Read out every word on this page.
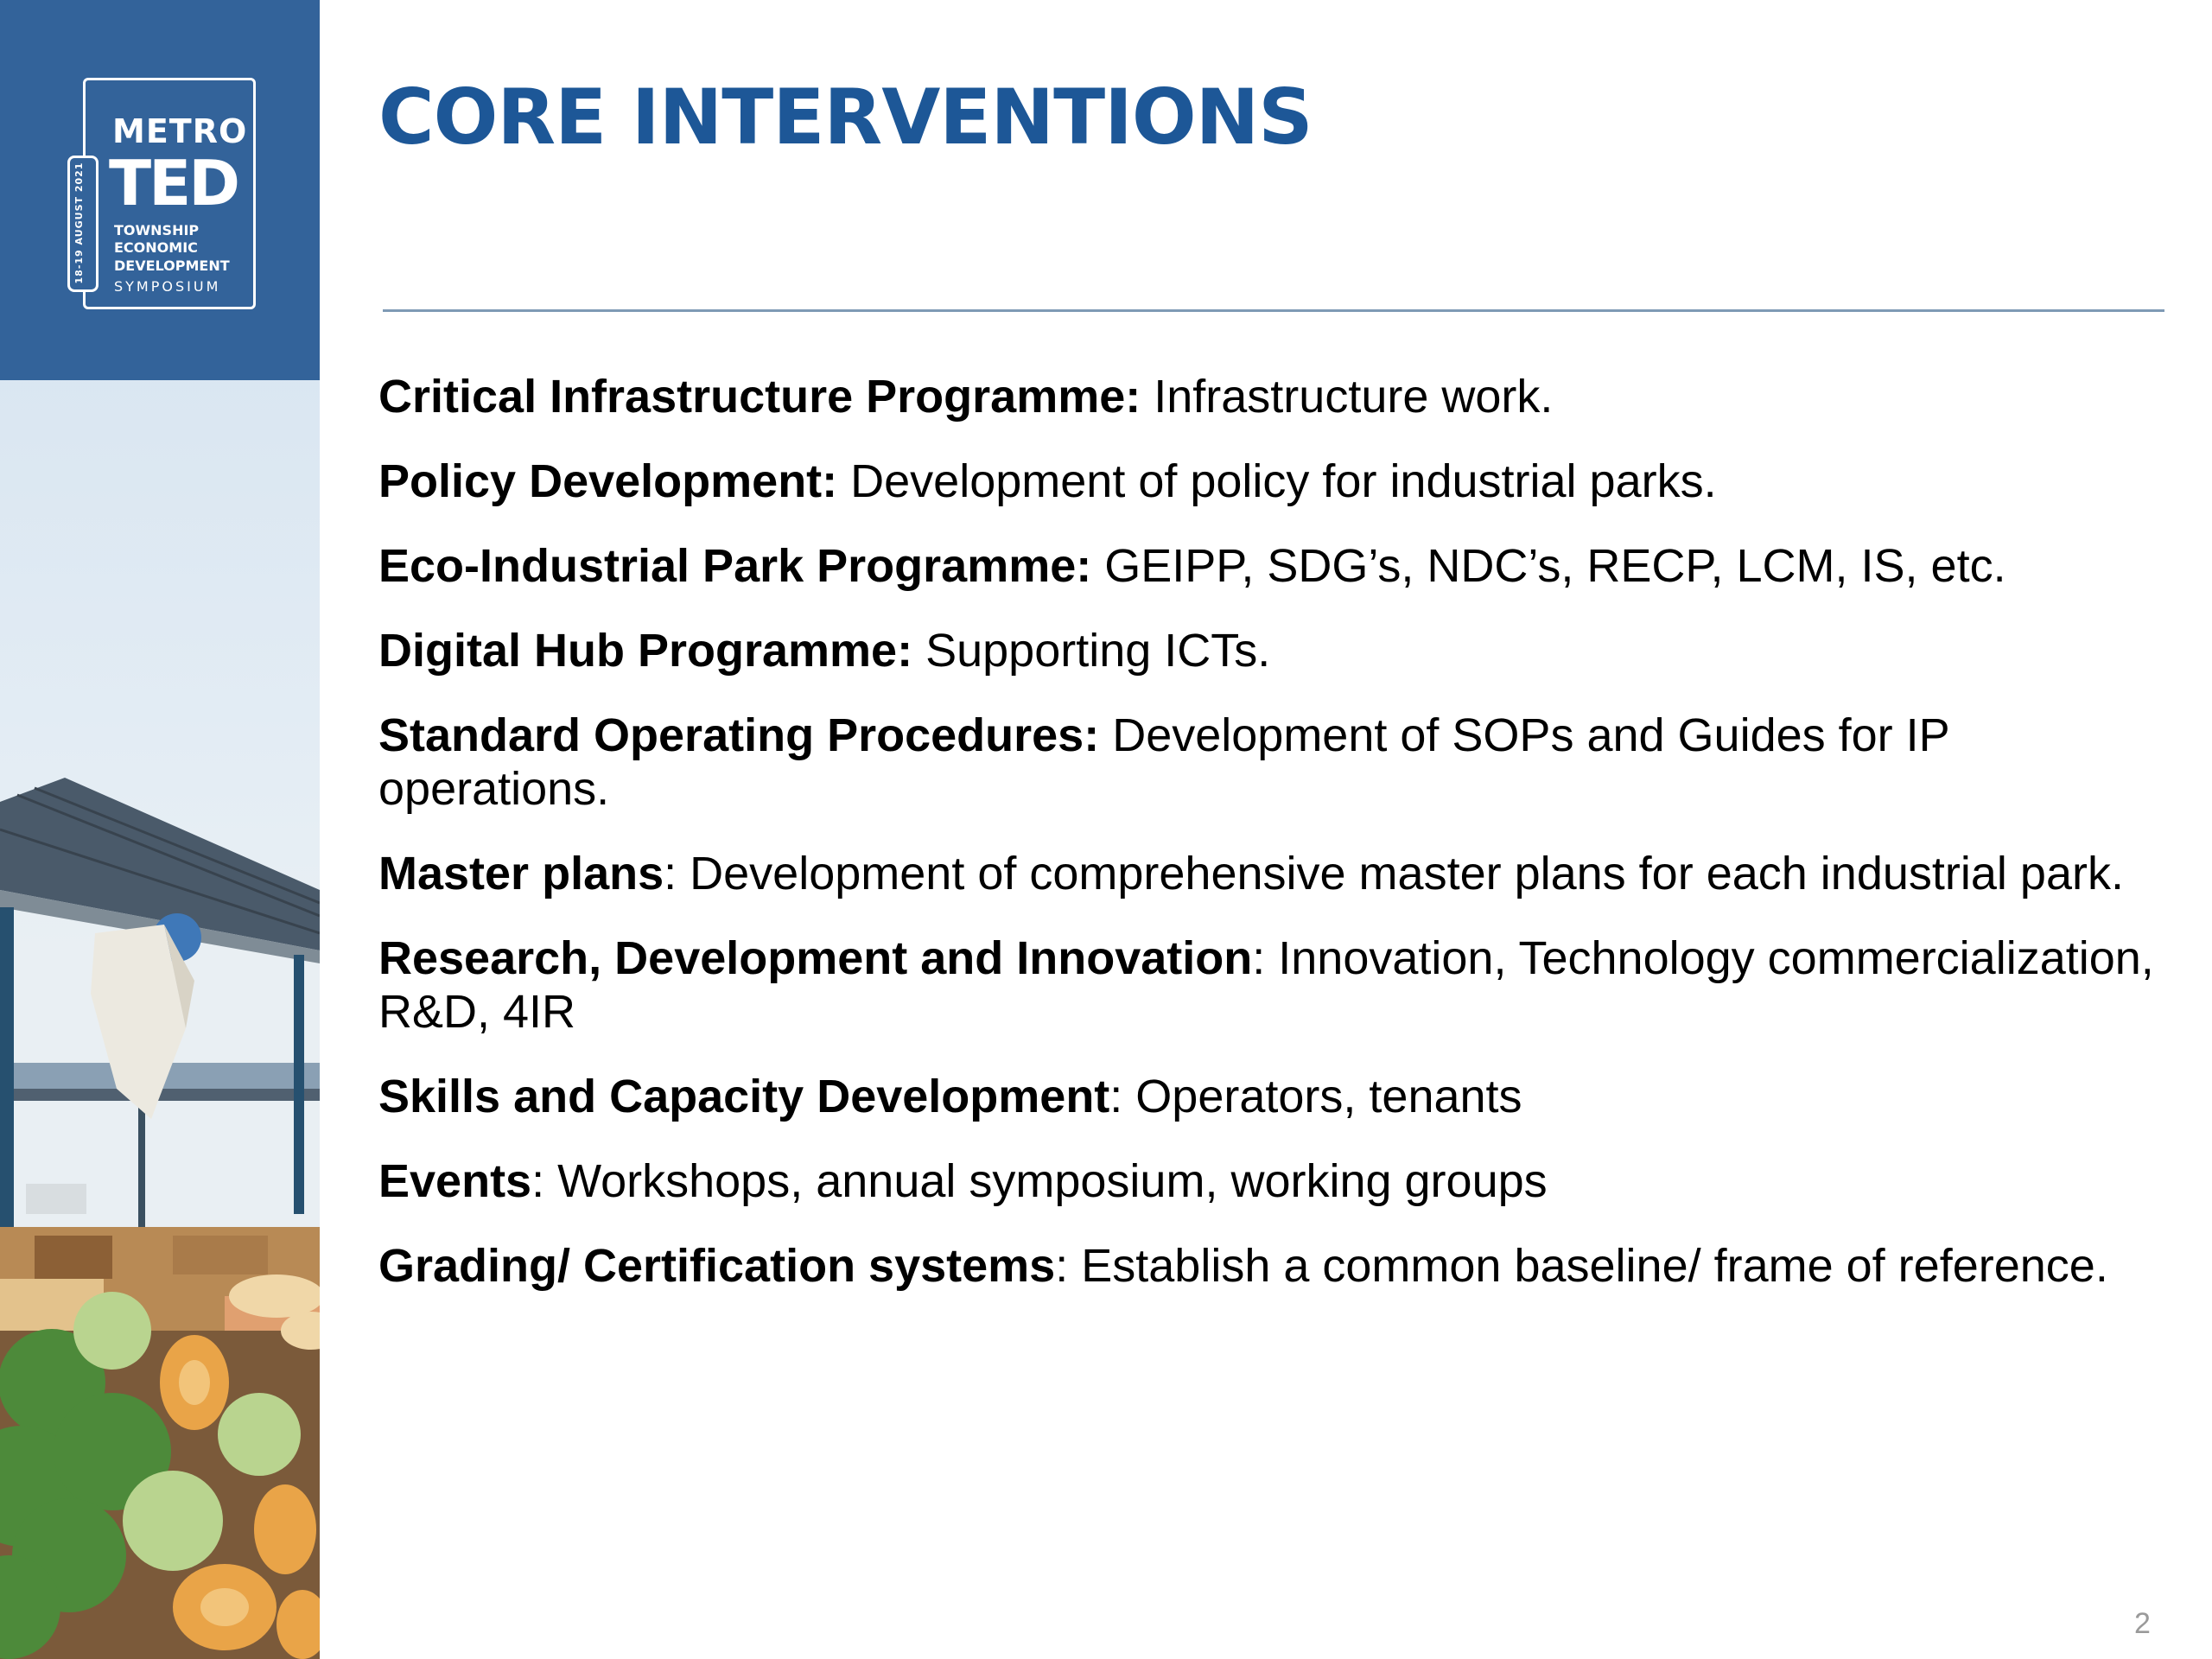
18-19 AUGUST 2021
METRO
TED
TOWNSHIP
ECONOMIC
DEVELOPMENT
SYMPOSIUM
CORE INTERVENTIONS
Critical Infrastructure Programme: Infrastructure work.
Policy Development: Development of policy for industrial parks.
Eco-Industrial Park Programme: GEIPP, SDG’s, NDC’s, RECP, LCM, IS, etc.
Digital Hub Programme: Supporting ICTs.
Standard Operating Procedures: Development of SOPs and Guides for IP operations.
Master plans: Development of comprehensive master plans for each industrial park.
Research, Development and Innovation: Innovation, Technology commercialization, R&D, 4IR
Skills and Capacity Development: Operators, tenants
Events: Workshops, annual symposium, working groups
Grading/ Certification systems: Establish a common baseline/ frame of reference.
2
